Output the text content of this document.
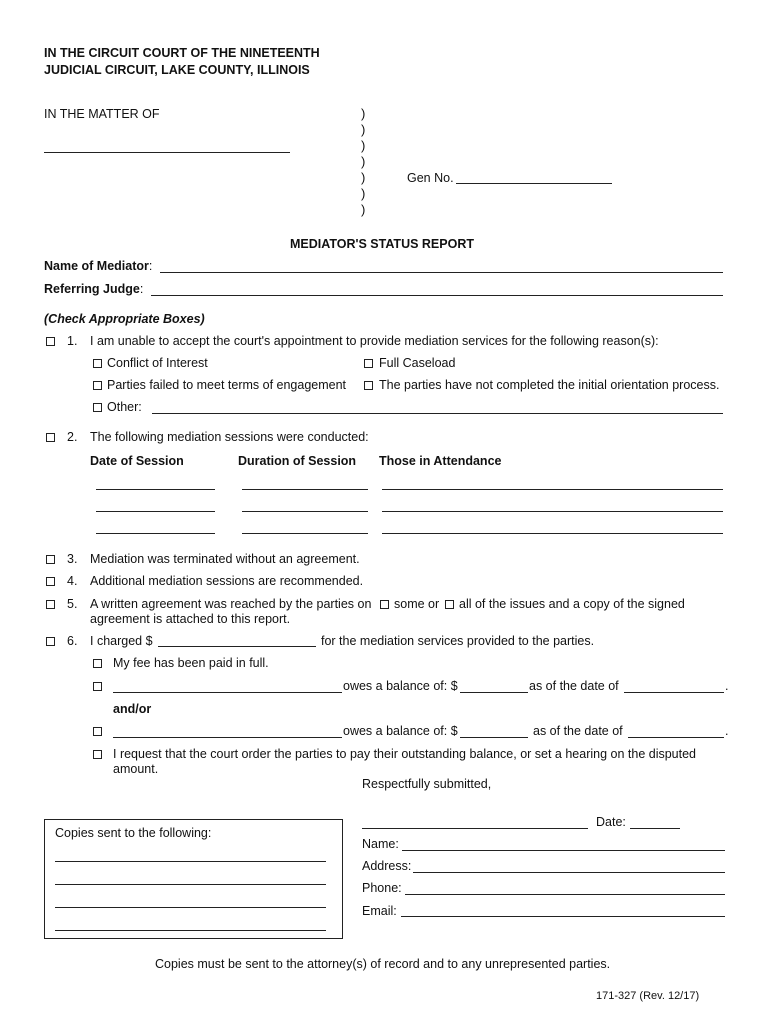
IN THE CIRCUIT COURT OF THE NINETEENTH
JUDICIAL CIRCUIT, LAKE COUNTY, ILLINOIS
IN THE MATTER OF	)
)
)
)
)
)
)
Gen No.
MEDIATOR'S STATUS REPORT
Name of Mediator:
Referring Judge:
(Check Appropriate Boxes)
1. I am unable to accept the court's appointment to provide mediation services for the following reason(s):
Conflict of Interest	Full Caseload
Parties failed to meet terms of engagement	The parties have not completed the initial orientation process.
Other:
2. The following mediation sessions were conducted:
Date of Session	Duration of Session Those in Attendance
3. Mediation was terminated without an agreement.
4. Additional mediation sessions are recommended.
5. A written agreement was reached by the parties on some or all of the issues and a copy of the signed
agreement is attached to this report.
6. I charged $	for the mediation services provided to the parties.
My fee has been paid in full.
owes a balance of: $	as of the date of	.
and/or
owes a balance of: $	as of the date of	.
I request that the court order the parties to pay their outstanding balance, or set a hearing on the disputed
amount.
Respectfully submitted,
Date:
Name:
Address:
Phone:
Email:
Copies sent to the following:
Copies must be sent to the attorney(s) of record and to any unrepresented parties.
171-327 (Rev. 12/17)
